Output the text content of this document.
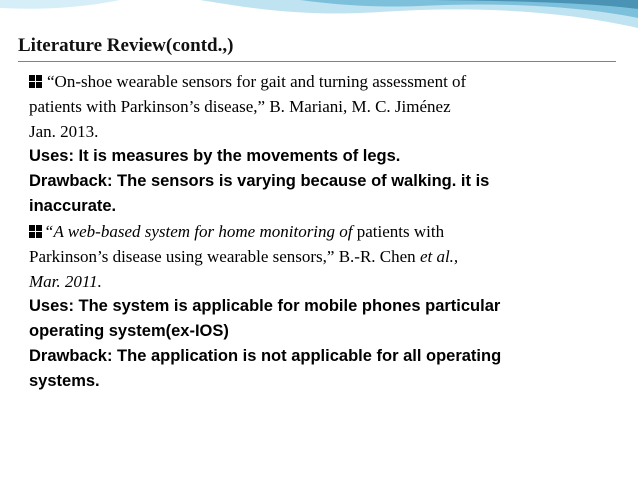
Literature Review(contd.,)
“On-shoe wearable sensors for gait and turning assessment of
patients with Parkinson’s disease,” B. Mariani, M. C. Jiménez
Jan. 2013.
Uses: It is measures by the movements of legs.
Drawback: The sensors is varying because of walking. it is
inaccurate.
“A web-based system for home monitoring of patients with
Parkinson’s disease using wearable sensors,” B.-R. Chen et al.,
Mar. 2011.
Uses: The system is applicable for mobile phones particular
operating system(ex-IOS)
Drawback: The application is not applicable for all operating
systems.
